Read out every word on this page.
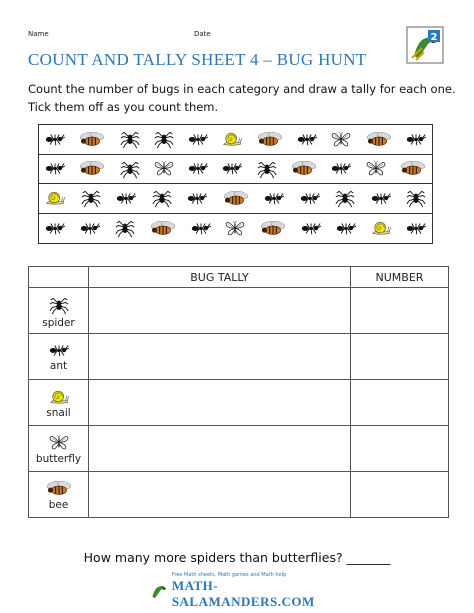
Name	Date
COUNT AND TALLY SHEET 4 – BUG HUNT
2
Count the number of bugs in each category and draw a tally for each one.
Tick them off as you count them.
	BUG TALLY	NUMBER

spider		

ant		

snail		

butterfly		

bee		

How many more spiders than butterflies? _______
Free Math sheets, Math games and Math help
MATH-SALAMANDERS.COM
